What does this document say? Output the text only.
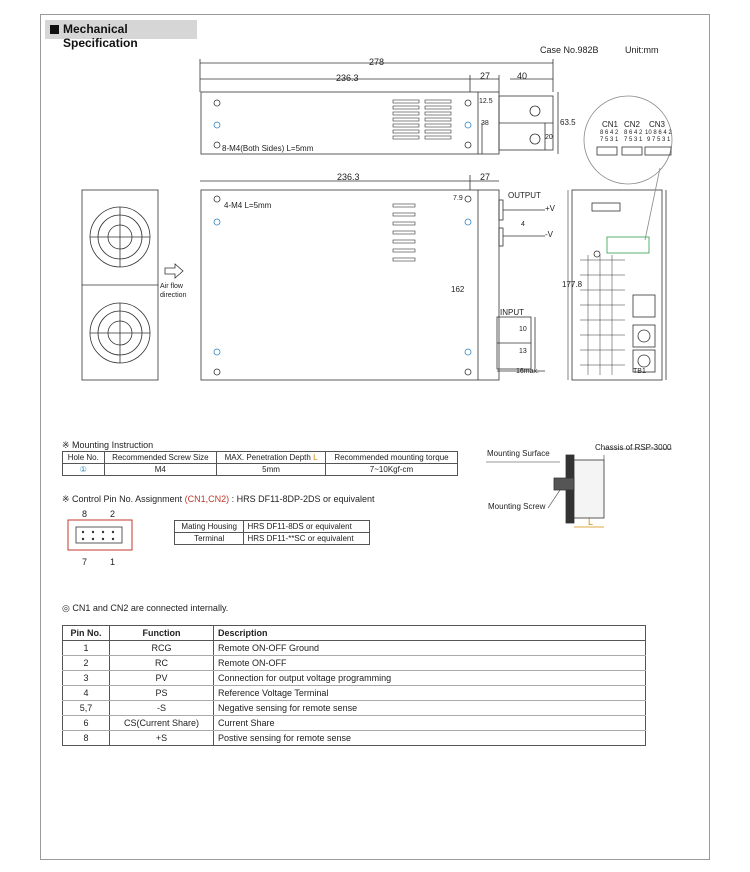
Mechanical Specification	Case No.982B	Unit:mm
278
236.3	27	40
12.5
38
20
63.5
8-M4(Both Sides) L=5mm
236.3	27
4-M4 L=5mm
7.9
162
4
10
13
16max.
OUTPUT
+V
-V
INPUT
Air flow direction
177.8
TB1
CN1 CN2 CN3
8 6 4 2
7 5 3 1
8 6 4 2
7 5 3 1
10 8 6 4 2
9 7 5 3 1
※ Mounting Instruction
Hole No.	Recommended Screw Size	MAX. Penetration Depth L	Recommended mounting torque
①	M4	5mm	7~10Kgf-cm
Mounting Surface
Chassis of RSP-3000
Mounting Screw
L
※ Control Pin No. Assignment (CN1,CN2) : HRS DF11-8DP-2DS or equivalent
8	2
7	1
Mating Housing	HRS DF11-8DS or equivalent
Terminal	HRS DF11-**SC or equivalent
◎ CN1 and CN2 are connected internally.
Pin No.	Function	Description
1	RCG	Remote ON-OFF Ground
2	RC	Remote ON-OFF
3	PV	Connection for output voltage programming
4	PS	Reference Voltage Terminal
5,7	-S	Negative sensing for remote sense
6	CS(Current Share)	Current Share
8	+S	Postive sensing for remote sense
